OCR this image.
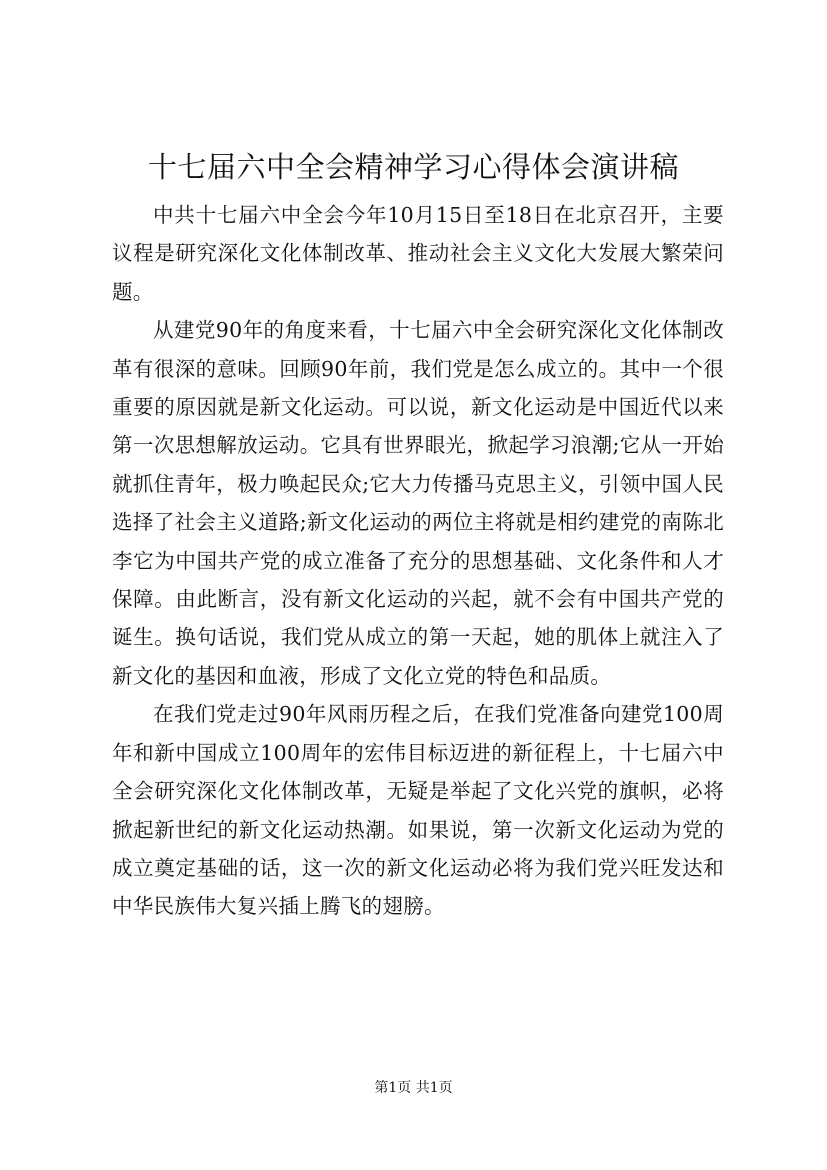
十七届六中全会精神学习心得体会演讲稿

中共十七届六中全会今年10月15日至18日在北京召开，主要议程是研究深化文化体制改革、推动社会主义文化大发展大繁荣问题。

从建党90年的角度来看，十七届六中全会研究深化文化体制改革有很深的意味。回顾90年前，我们党是怎么成立的。其中一个很重要的原因就是新文化运动。可以说，新文化运动是中国近代以来第一次思想解放运动。它具有世界眼光，掀起学习浪潮;它从一开始就抓住青年，极力唤起民众;它大力传播马克思主义，引领中国人民选择了社会主义道路;新文化运动的两位主将就是相约建党的南陈北李它为中国共产党的成立准备了充分的思想基础、文化条件和人才保障。由此断言，没有新文化运动的兴起，就不会有中国共产党的诞生。换句话说，我们党从成立的第一天起，她的肌体上就注入了新文化的基因和血液，形成了文化立党的特色和品质。

在我们党走过90年风雨历程之后，在我们党准备向建党100周年和新中国成立100周年的宏伟目标迈进的新征程上，十七届六中全会研究深化文化体制改革，无疑是举起了文化兴党的旗帜，必将掀起新世纪的新文化运动热潮。如果说，第一次新文化运动为党的成立奠定基础的话，这一次的新文化运动必将为我们党兴旺发达和中华民族伟大复兴插上腾飞的翅膀。

第1页 共1页
